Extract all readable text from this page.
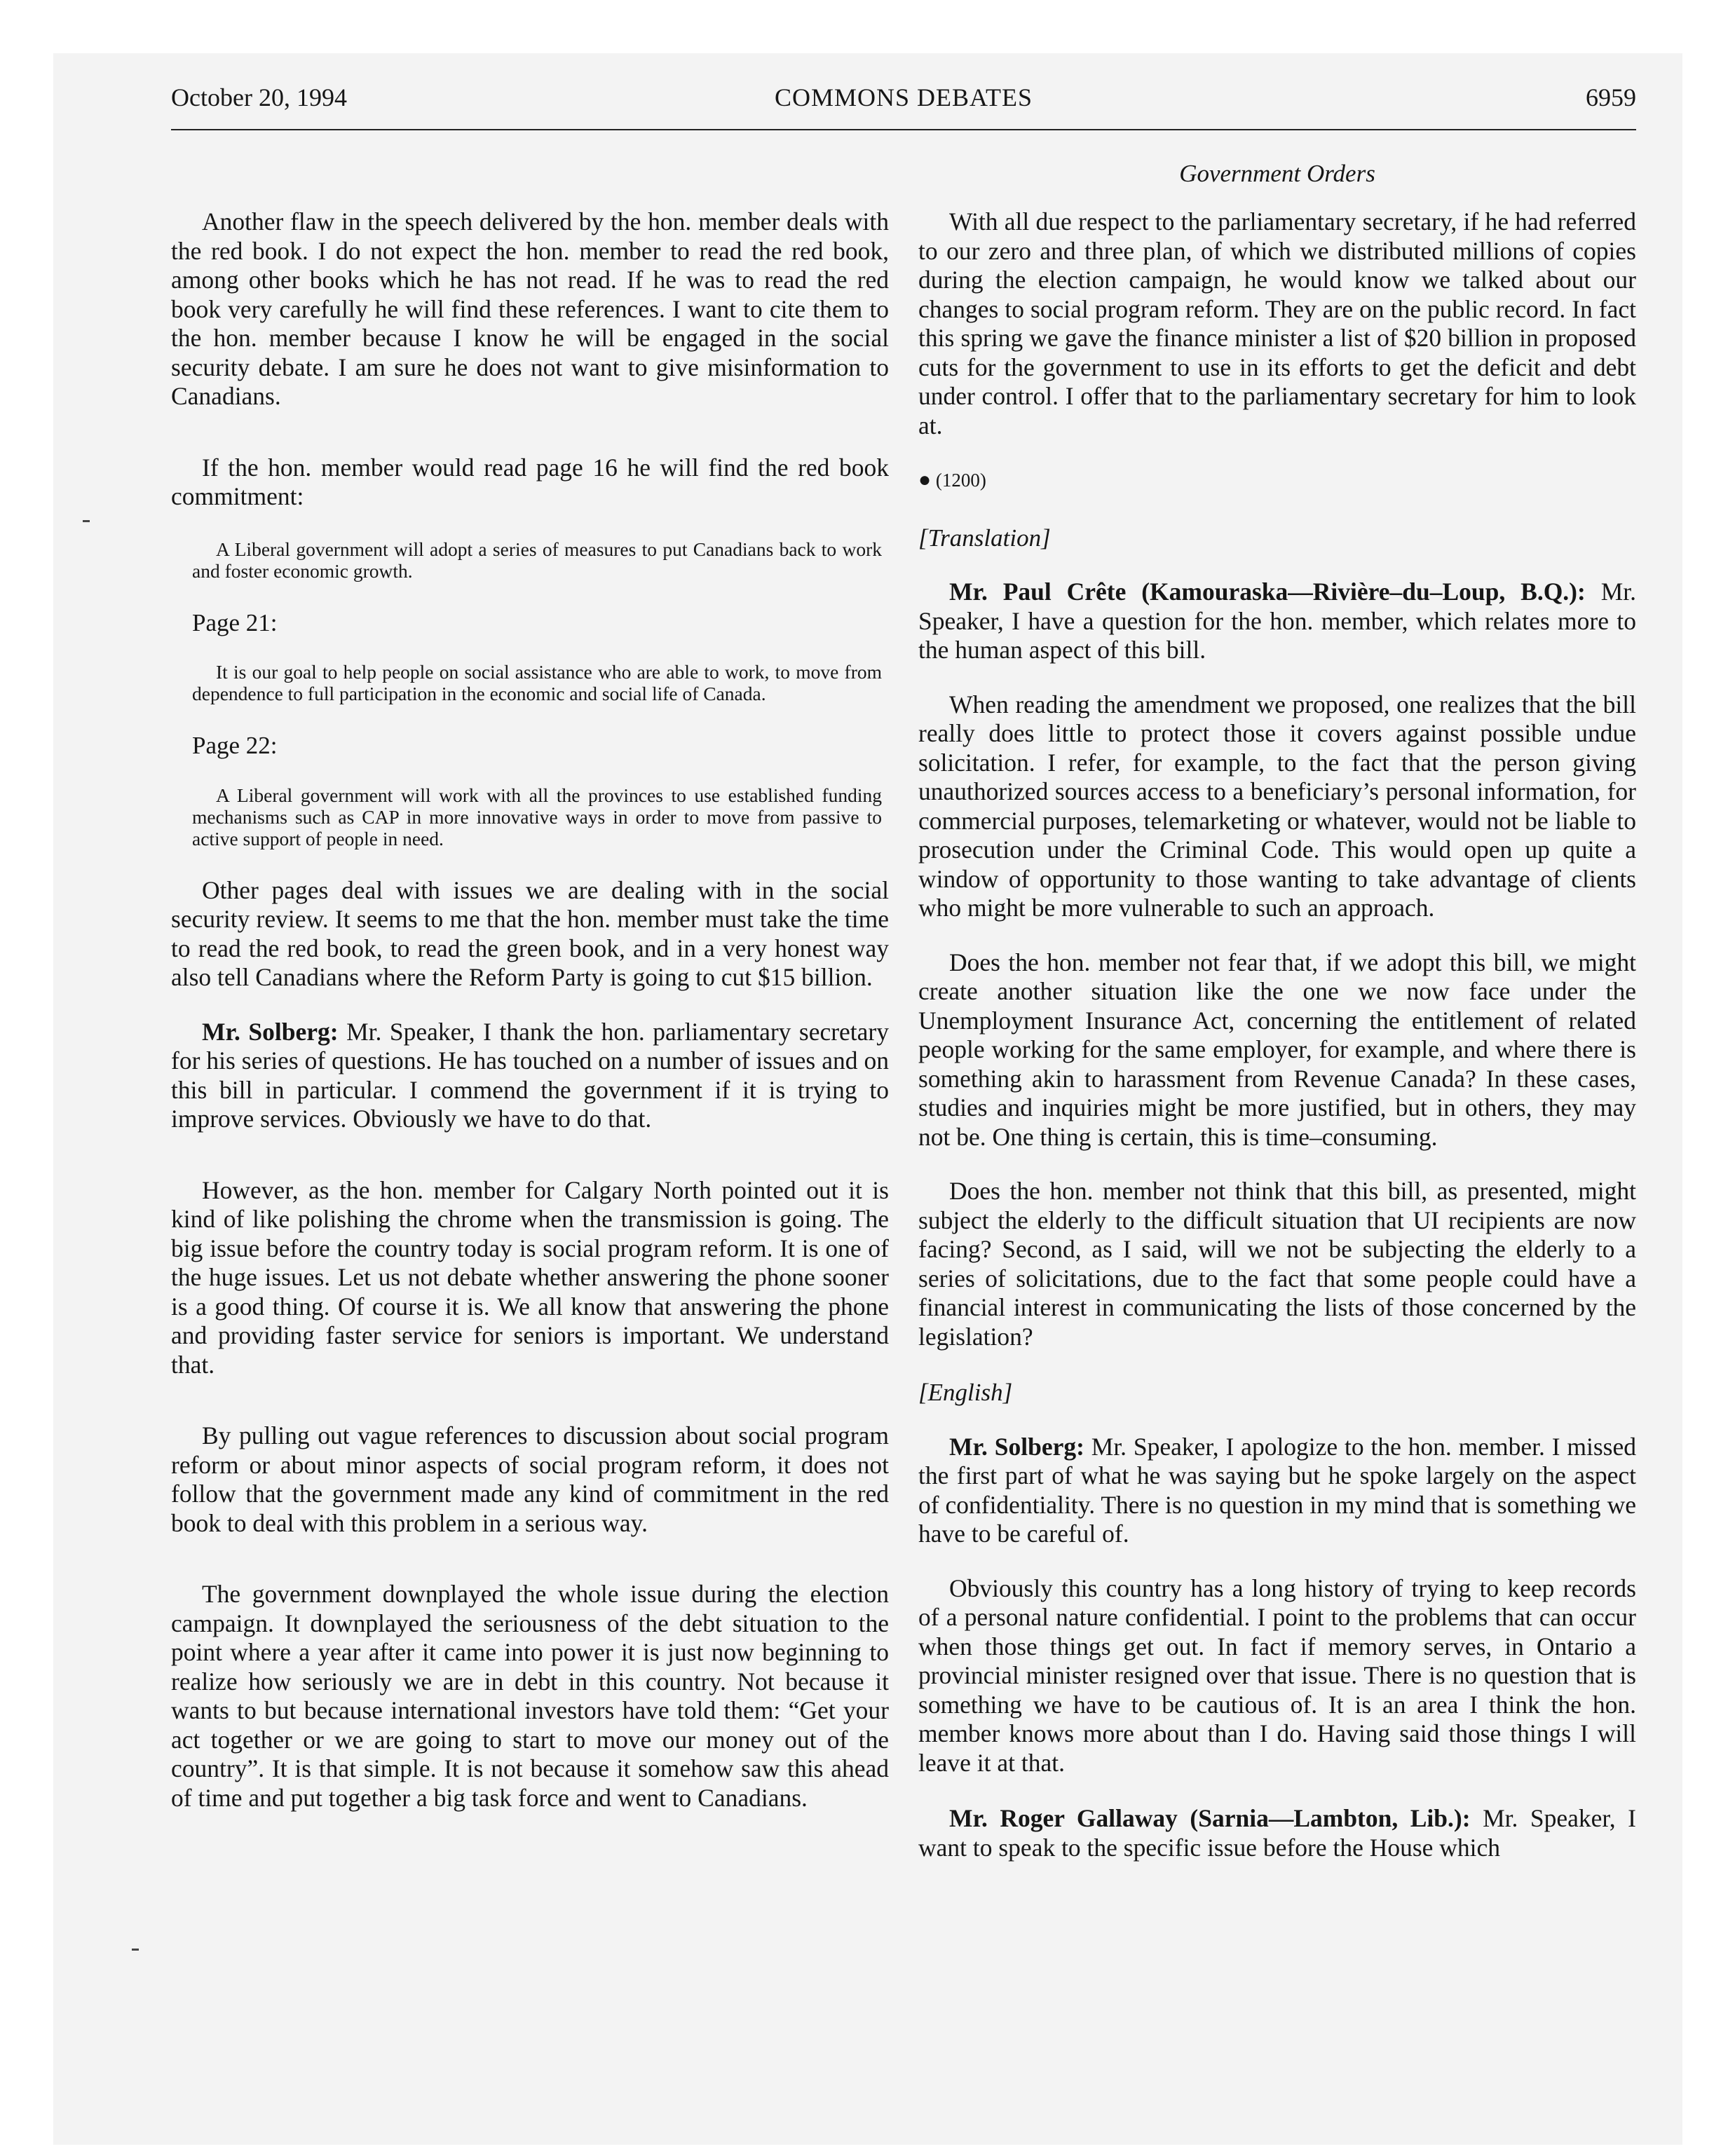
October 20, 1994	COMMONS DEBATES	6959
Government Orders

Another flaw in the speech delivered by the hon. member deals with the red book. I do not expect the hon. member to read the red book, among other books which he has not read. If he was to read the red book very carefully he will find these references. I want to cite them to the hon. member because I know he will be engaged in the social security debate. I am sure he does not want to give misinformation to Canadians.

If the hon. member would read page 16 he will find the red book commitment:

A Liberal government will adopt a series of measures to put Canadians back to work and foster economic growth.
Page 21:
It is our goal to help people on social assistance who are able to work, to move from dependence to full participation in the economic and social life of Canada.
Page 22:
A Liberal government will work with all the provinces to use established funding mechanisms such as CAP in more innovative ways in order to move from passive to active support of people in need.

Other pages deal with issues we are dealing with in the social security review. It seems to me that the hon. member must take the time to read the red book, to read the green book, and in a very honest way also tell Canadians where the Reform Party is going to cut $15 billion.

Mr. Solberg: Mr. Speaker, I thank the hon. parliamentary secretary for his series of questions. He has touched on a number of issues and on this bill in particular. I commend the government if it is trying to improve services. Obviously we have to do that.

However, as the hon. member for Calgary North pointed out it is kind of like polishing the chrome when the transmission is going. The big issue before the country today is social program reform. It is one of the huge issues. Let us not debate whether answering the phone sooner is a good thing. Of course it is. We all know that answering the phone and providing faster service for seniors is important. We understand that.

By pulling out vague references to discussion about social program reform or about minor aspects of social program reform, it does not follow that the government made any kind of commitment in the red book to deal with this problem in a serious way.

The government downplayed the whole issue during the election campaign. It downplayed the seriousness of the debt situation to the point where a year after it came into power it is just now beginning to realize how seriously we are in debt in this country. Not because it wants to but because international investors have told them: “Get your act together or we are going to start to move our money out of the country”. It is that simple. It is not because it somehow saw this ahead of time and put together a big task force and went to Canadians.

With all due respect to the parliamentary secretary, if he had referred to our zero and three plan, of which we distributed millions of copies during the election campaign, he would know we talked about our changes to social program reform. They are on the public record. In fact this spring we gave the finance minister a list of $20 billion in proposed cuts for the government to use in its efforts to get the deficit and debt under control. I offer that to the parliamentary secretary for him to look at.

● (1200)
[Translation]

Mr. Paul Crête (Kamouraska—Rivière–du–Loup, B.Q.): Mr. Speaker, I have a question for the hon. member, which relates more to the human aspect of this bill.

When reading the amendment we proposed, one realizes that the bill really does little to protect those it covers against possible undue solicitation. I refer, for example, to the fact that the person giving unauthorized sources access to a beneficiary’s personal information, for commercial purposes, telemarketing or whatever, would not be liable to prosecution under the Criminal Code. This would open up quite a window of opportunity to those wanting to take advantage of clients who might be more vulnerable to such an approach.

Does the hon. member not fear that, if we adopt this bill, we might create another situation like the one we now face under the Unemployment Insurance Act, concerning the entitlement of related people working for the same employer, for example, and where there is something akin to harassment from Revenue Canada? In these cases, studies and inquiries might be more justified, but in others, they may not be. One thing is certain, this is time–consuming.

Does the hon. member not think that this bill, as presented, might subject the elderly to the difficult situation that UI recipients are now facing? Second, as I said, will we not be subjecting the elderly to a series of solicitations, due to the fact that some people could have a financial interest in communicating the lists of those concerned by the legislation?

[English]

Mr. Solberg: Mr. Speaker, I apologize to the hon. member. I missed the first part of what he was saying but he spoke largely on the aspect of confidentiality. There is no question in my mind that is something we have to be careful of.

Obviously this country has a long history of trying to keep records of a personal nature confidential. I point to the problems that can occur when those things get out. In fact if memory serves, in Ontario a provincial minister resigned over that issue. There is no question that is something we have to be cautious of. It is an area I think the hon. member knows more about than I do. Having said those things I will leave it at that.

Mr. Roger Gallaway (Sarnia—Lambton, Lib.): Mr. Speaker, I want to speak to the specific issue before the House which
